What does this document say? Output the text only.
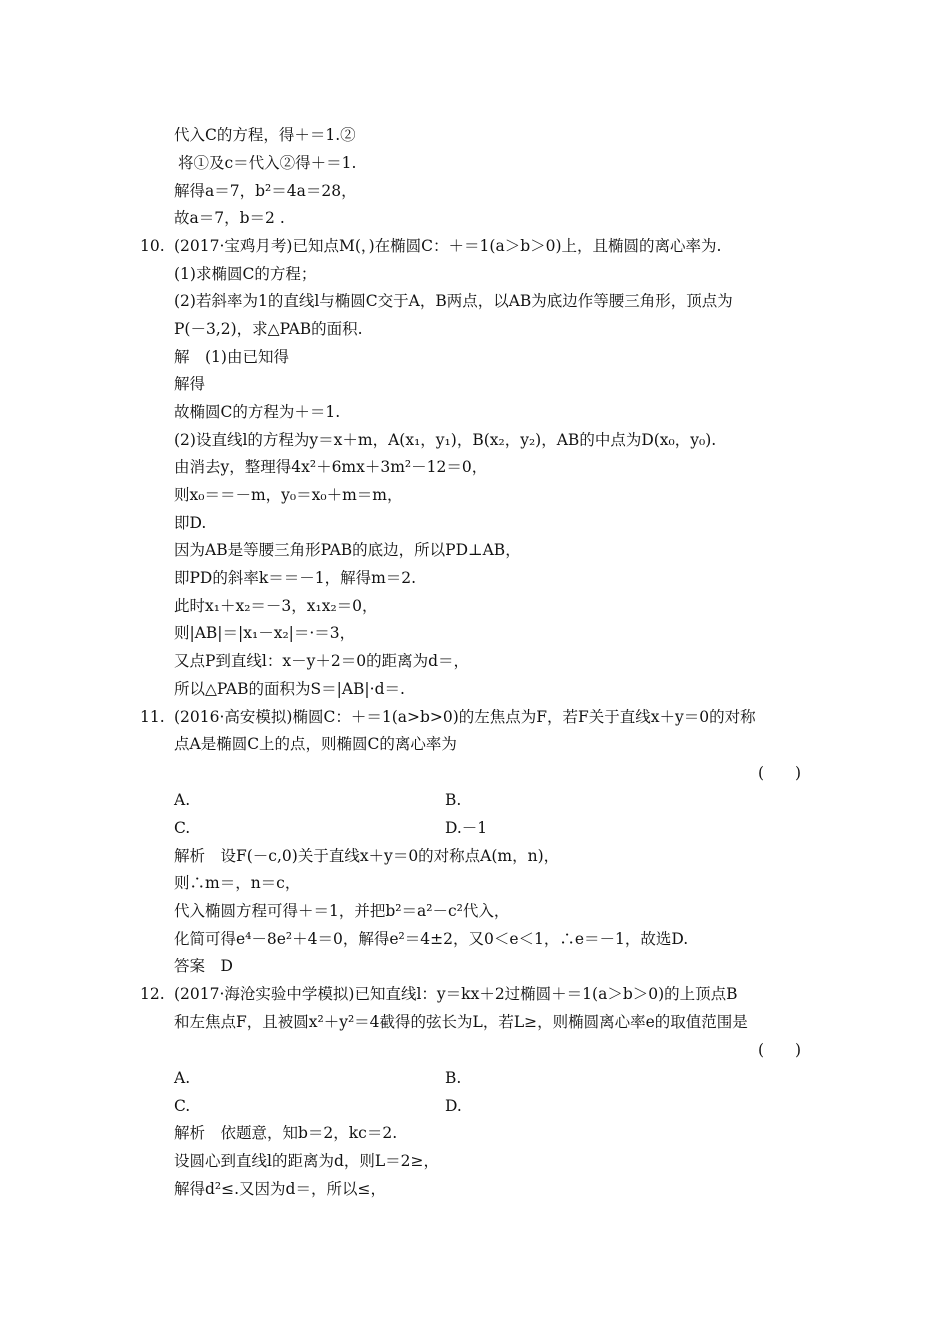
代入C的方程，得＋＝1.②
将①及c＝代入②得＋＝1.
解得a＝7，b²＝4a＝28，
故a＝7，b＝2 .
10. (2017·宝鸡月考)已知点M(，)在椭圆C：＋＝1(a＞b＞0)上，且椭圆的离心率为.
(1)求椭圆C的方程；
(2)若斜率为1的直线l与椭圆C交于A，B两点，以AB为底边作等腰三角形，顶点为
P(－3,2)，求△PAB的面积.
解　(1)由已知得
解得
故椭圆C的方程为＋＝1.
(2)设直线l的方程为y＝x＋m，A(x₁，y₁)，B(x₂，y₂)，AB的中点为D(x₀，y₀).
由消去y，整理得4x²＋6mx＋3m²－12＝0，
则x₀＝＝－m，y₀＝x₀＋m＝m，
即D.
因为AB是等腰三角形PAB的底边，所以PD⊥AB，
即PD的斜率k＝＝－1，解得m＝2.
此时x₁＋x₂＝－3，x₁x₂＝0，
则|AB|＝|x₁－x₂|＝·＝3，
又点P到直线l：x－y＋2＝0的距离为d＝，
所以△PAB的面积为S＝|AB|·d＝.
11. (2016·高安模拟)椭圆C：＋＝1(a>b>0)的左焦点为F，若F关于直线x＋y＝0的对称
点A是椭圆C上的点，则椭圆C的离心率为
(　　)
A.	B.
C.	D.－1
解析　设F(－c,0)关于直线x＋y＝0的对称点A(m，n)，
则∴m＝，n＝c，
代入椭圆方程可得＋＝1，并把b²＝a²－c²代入，
化简可得e⁴－8e²＋4＝0，解得e²＝4±2，又0＜e＜1，∴e＝－1，故选D.
答案　D
12. (2017·海沧实验中学模拟)已知直线l：y＝kx＋2过椭圆＋＝1(a＞b＞0)的上顶点B
和左焦点F，且被圆x²＋y²＝4截得的弦长为L，若L≥，则椭圆离心率e的取值范围是
(　　)
A.	B.
C.	D.
解析　依题意，知b＝2，kc＝2.
设圆心到直线l的距离为d，则L＝2≥，
解得d²≤.又因为d＝，所以≤，
